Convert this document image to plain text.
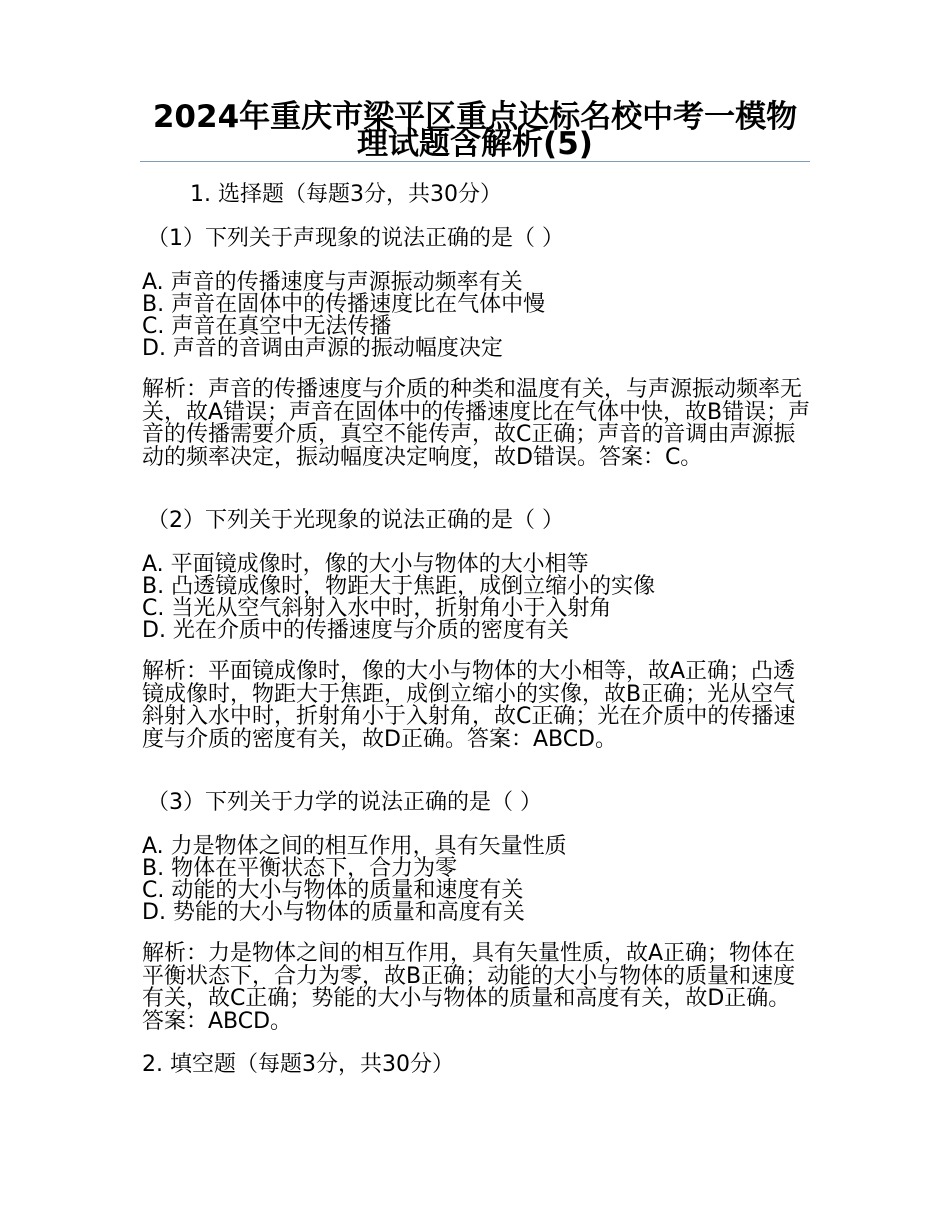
2024年重庆市梁平区重点达标名校中考一模物理试题含解析(5)
1. 选择题（每题3分，共30分）
（1）下列关于声现象的说法正确的是（ ）
A. 声音的传播速度与声源振动频率有关
B. 声音在固体中的传播速度比在气体中慢
C. 声音在真空中无法传播
D. 声音的音调由声源的振动幅度决定
解析：声音的传播速度与介质的种类和温度有关，与声源振动频率无关，故A错误；声音在固体中的传播速度比在气体中快，故B错误；声音的传播需要介质，真空不能传声，故C正确；声音的音调由声源振动的频率决定，振动幅度决定响度，故D错误。答案：C。
（2）下列关于光现象的说法正确的是（ ）
A. 平面镜成像时，像的大小与物体的大小相等
B. 凸透镜成像时，物距大于焦距，成倒立缩小的实像
C. 当光从空气斜射入水中时，折射角小于入射角
D. 光在介质中的传播速度与介质的密度有关
解析：平面镜成像时，像的大小与物体的大小相等，故A正确；凸透镜成像时，物距大于焦距，成倒立缩小的实像，故B正确；光从空气斜射入水中时，折射角小于入射角，故C正确；光在介质中的传播速度与介质的密度有关，故D正确。答案：ABCD。
（3）下列关于力学的说法正确的是（ ）
A. 力是物体之间的相互作用，具有矢量性质
B. 物体在平衡状态下，合力为零
C. 动能的大小与物体的质量和速度有关
D. 势能的大小与物体的质量和高度有关
解析：力是物体之间的相互作用，具有矢量性质，故A正确；物体在平衡状态下，合力为零，故B正确；动能的大小与物体的质量和速度有关，故C正确；势能的大小与物体的质量和高度有关，故D正确。答案：ABCD。
2. 填空题（每题3分，共30分）
